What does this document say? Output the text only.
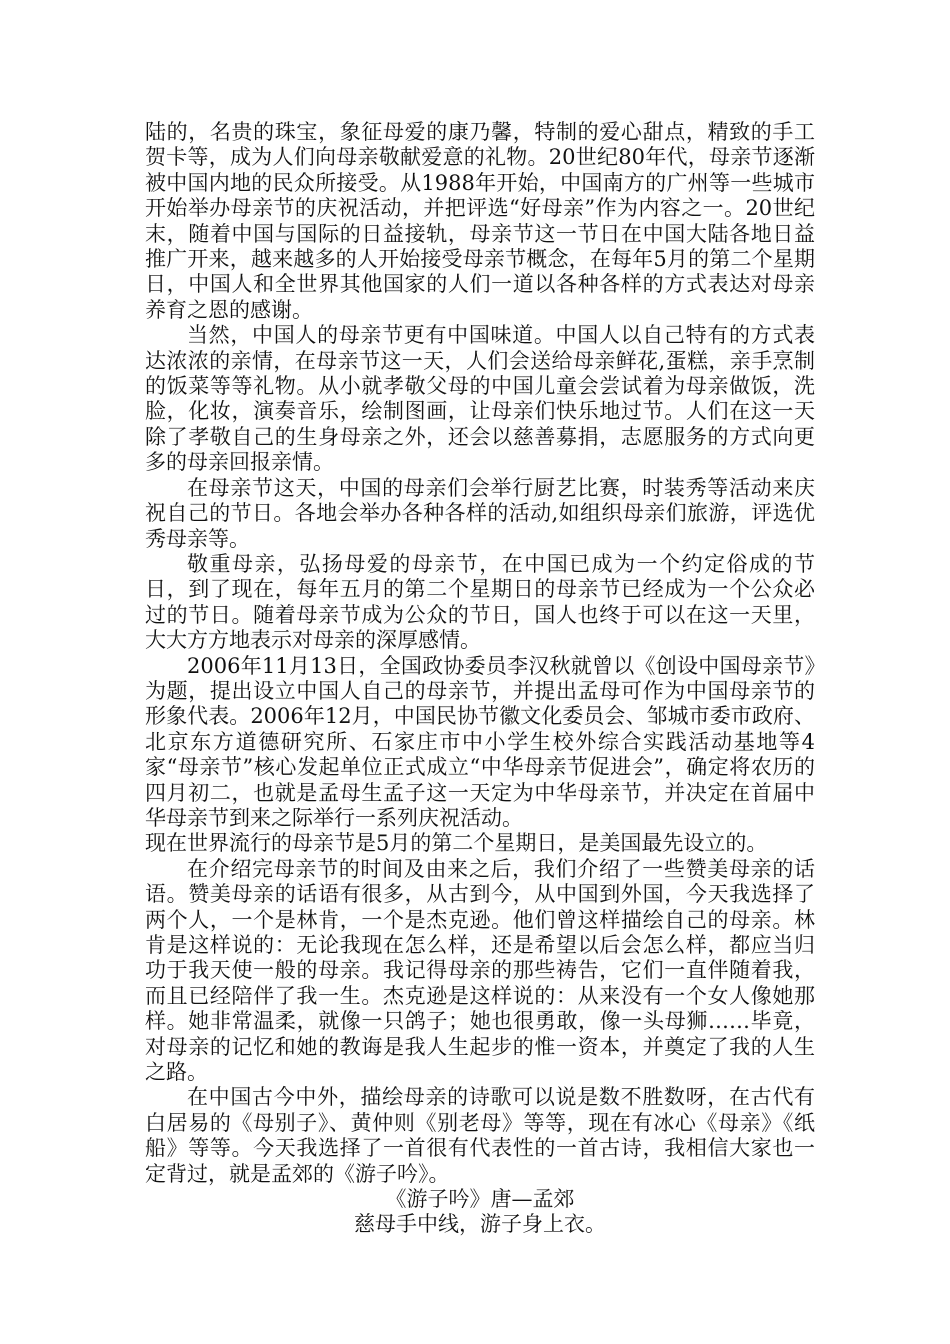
陆的，名贵的珠宝，象征母爱的康乃馨，特制的爱心甜点，精致的手工贺卡等，成为人们向母亲敬献爱意的礼物。20世纪80年代，母亲节逐渐被中国内地的民众所接受。从1988年开始，中国南方的广州等一些城市开始举办母亲节的庆祝活动，并把评选“好母亲”作为内容之一。20世纪末，随着中国与国际的日益接轨，母亲节这一节日在中国大陆各地日益推广开来，越来越多的人开始接受母亲节概念，在每年5月的第二个星期日，中国人和全世界其他国家的人们一道以各种各样的方式表达对母亲养育之恩的感谢。

当然，中国人的母亲节更有中国味道。中国人以自己特有的方式表达浓浓的亲情，在母亲节这一天，人们会送给母亲鲜花,蛋糕，亲手烹制的饭菜等等礼物。从小就孝敬父母的中国儿童会尝试着为母亲做饭，洗脸，化妆，演奏音乐，绘制图画，让母亲们快乐地过节。人们在这一天除了孝敬自己的生身母亲之外，还会以慈善募捐，志愿服务的方式向更多的母亲回报亲情。

在母亲节这天，中国的母亲们会举行厨艺比赛，时装秀等活动来庆祝自己的节日。各地会举办各种各样的活动,如组织母亲们旅游，评选优秀母亲等。

敬重母亲，弘扬母爱的母亲节，在中国已成为一个约定俗成的节日，到了现在，每年五月的第二个星期日的母亲节已经成为一个公众必过的节日。随着母亲节成为公众的节日，国人也终于可以在这一天里，大大方方地表示对母亲的深厚感情。

2006年11月13日，全国政协委员李汉秋就曾以《创设中国母亲节》为题，提出设立中国人自己的母亲节，并提出孟母可作为中国母亲节的形象代表。2006年12月，中国民协节徽文化委员会、邹城市委市政府、北京东方道德研究所、石家庄市中小学生校外综合实践活动基地等4家“母亲节”核心发起单位正式成立“中华母亲节促进会”，确定将农历的四月初二，也就是孟母生孟子这一天定为中华母亲节，并决定在首届中华母亲节到来之际举行一系列庆祝活动。

现在世界流行的母亲节是5月的第二个星期日，是美国最先设立的。

在介绍完母亲节的时间及由来之后，我们介绍了一些赞美母亲的话语。赞美母亲的话语有很多，从古到今，从中国到外国，今天我选择了两个人，一个是林肯，一个是杰克逊。他们曾这样描绘自己的母亲。林肯是这样说的：无论我现在怎么样，还是希望以后会怎么样，都应当归功于我天使一般的母亲。我记得母亲的那些祷告，它们一直伴随着我，而且已经陪伴了我一生。杰克逊是这样说的：从来没有一个女人像她那样。她非常温柔，就像一只鸽子；她也很勇敢，像一头母狮……毕竟，对母亲的记忆和她的教诲是我人生起步的惟一资本，并奠定了我的人生之路。

在中国古今中外，描绘母亲的诗歌可以说是数不胜数呀，在古代有白居易的《母别子》、黄仲则《别老母》等等，现在有冰心《母亲》《纸船》等等。今天我选择了一首很有代表性的一首古诗，我相信大家也一定背过，就是孟郊的《游子吟》。

《游子吟》唐—孟郊

慈母手中线，游子身上衣。
